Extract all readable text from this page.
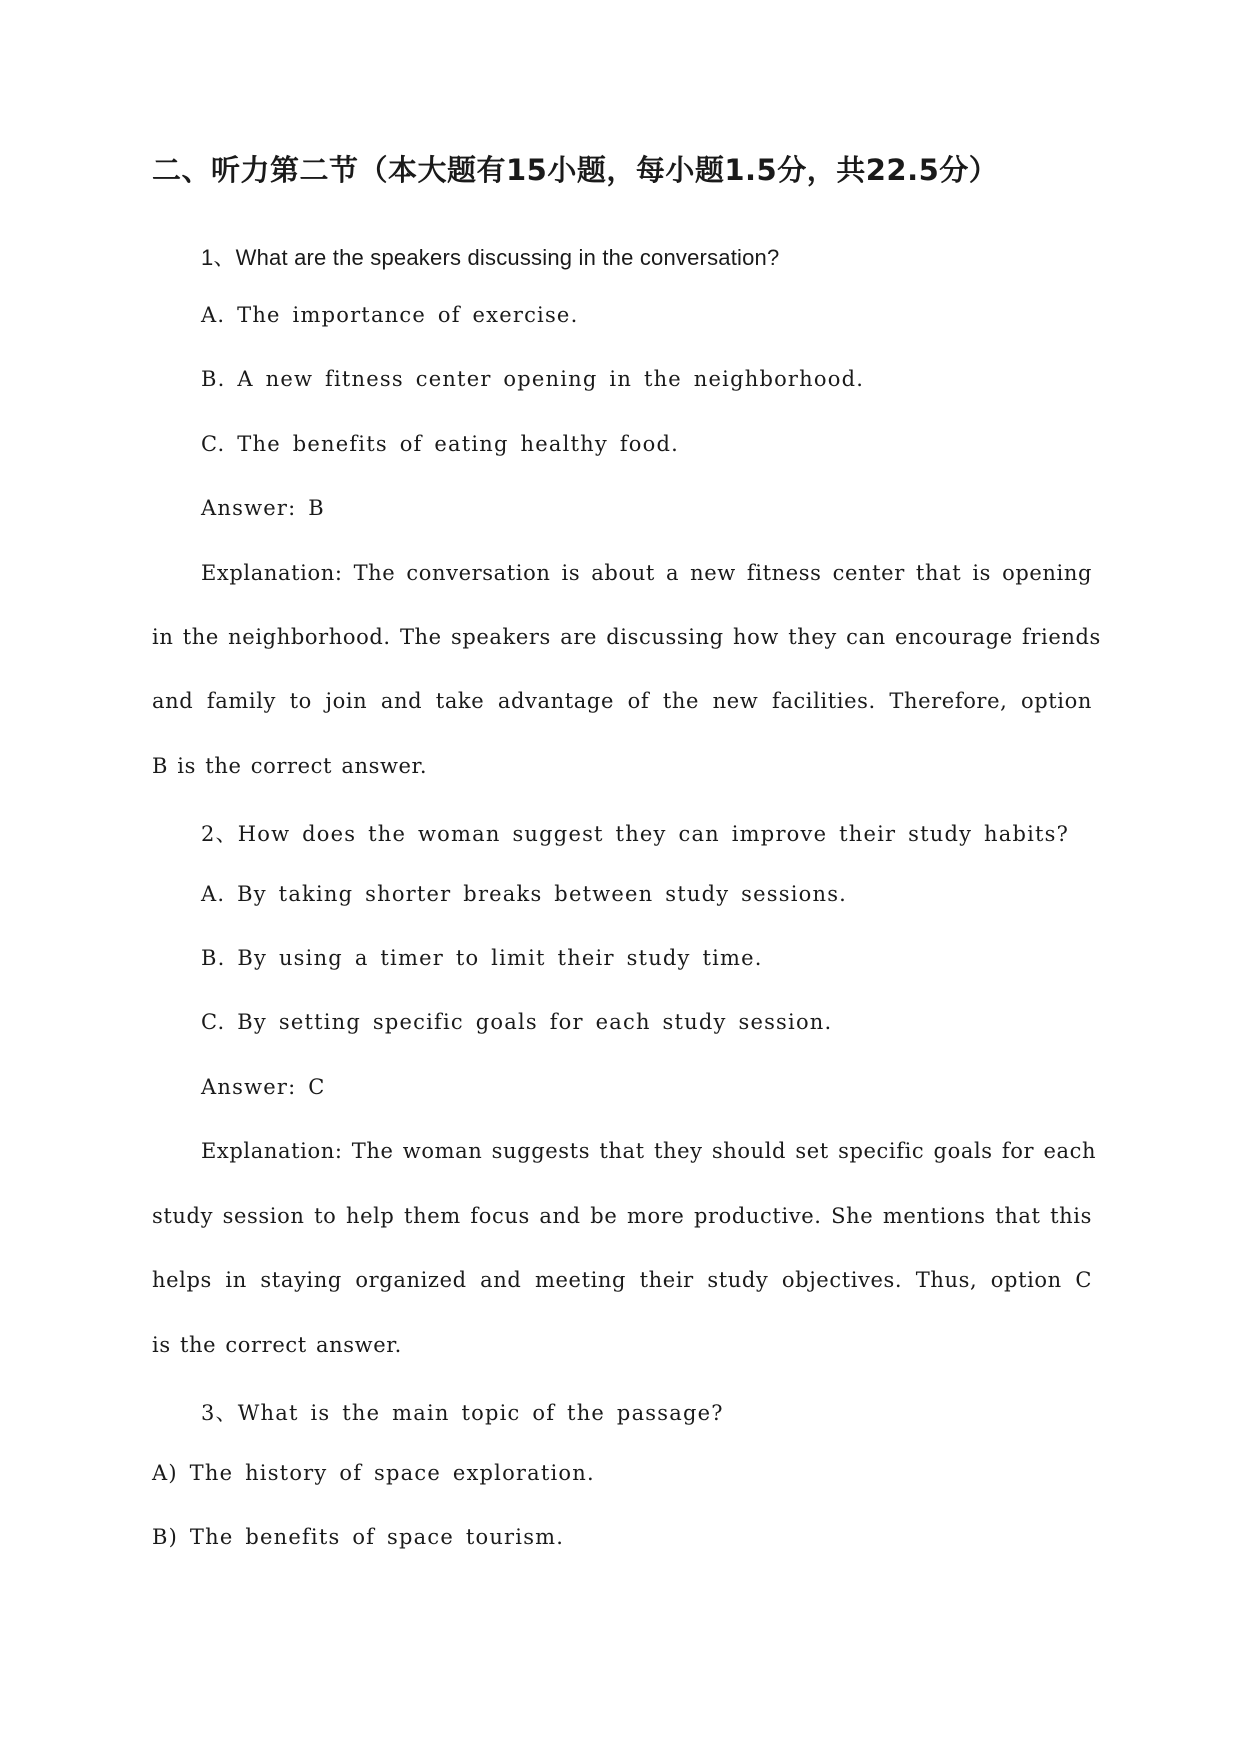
二、听力第二节（本大题有15小题，每小题1.5分，共22.5分）

1、What are the speakers discussing in the conversation?

A. The importance of exercise.

B. A new fitness center opening in the neighborhood.

C. The benefits of eating healthy food.

Answer: B

Explanation: The conversation is about a new fitness center that is opening

in the neighborhood. The speakers are discussing how they can encourage friends

and family to join and take advantage of the new facilities. Therefore, option

B is the correct answer.

2、How does the woman suggest they can improve their study habits?

A. By taking shorter breaks between study sessions.

B. By using a timer to limit their study time.

C. By setting specific goals for each study session.

Answer: C

Explanation: The woman suggests that they should set specific goals for each

study session to help them focus and be more productive. She mentions that this

helps in staying organized and meeting their study objectives. Thus, option C

is the correct answer.

3、What is the main topic of the passage?

A) The history of space exploration.

B) The benefits of space tourism.
